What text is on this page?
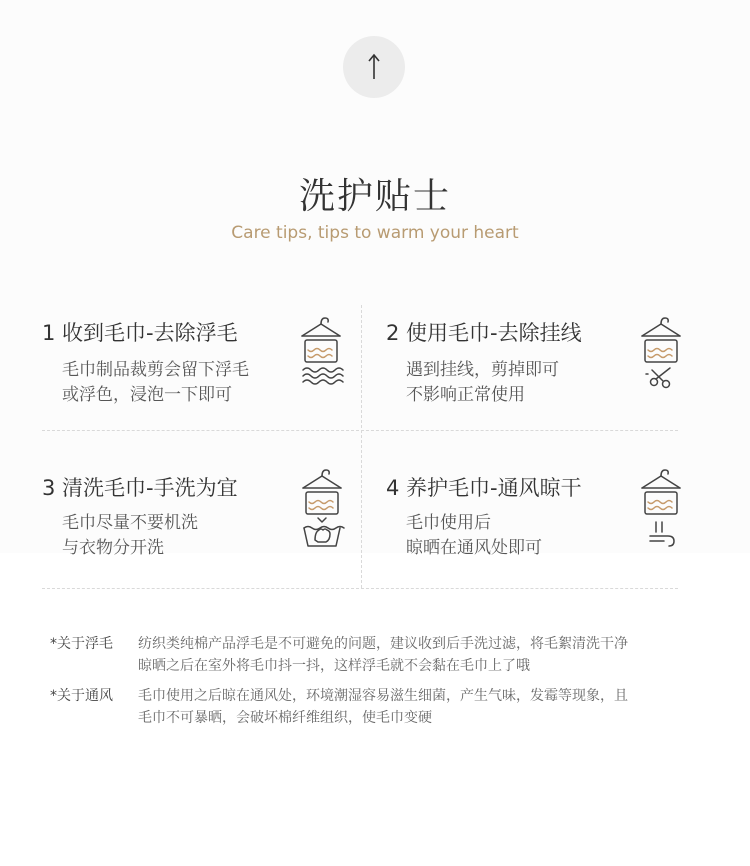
洗护贴士
Care tips, tips to warm your heart
1 收到毛巾-去除浮毛
毛巾制品裁剪会留下浮毛
或浮色，浸泡一下即可
2 使用毛巾-去除挂线
遇到挂线，剪掉即可
不影响正常使用
3 清洗毛巾-手洗为宜
毛巾尽量不要机洗
与衣物分开洗
4 养护毛巾-通风晾干
毛巾使用后
晾晒在通风处即可
*关于浮毛 纺织类纯棉产品浮毛是不可避免的问题，建议收到后手洗过滤，将毛絮清洗干净
晾晒之后在室外将毛巾抖一抖，这样浮毛就不会黏在毛巾上了哦
*关于通风 毛巾使用之后晾在通风处，环境潮湿容易滋生细菌，产生气味，发霉等现象，且
毛巾不可暴晒，会破坏棉纤维组织，使毛巾变硬
